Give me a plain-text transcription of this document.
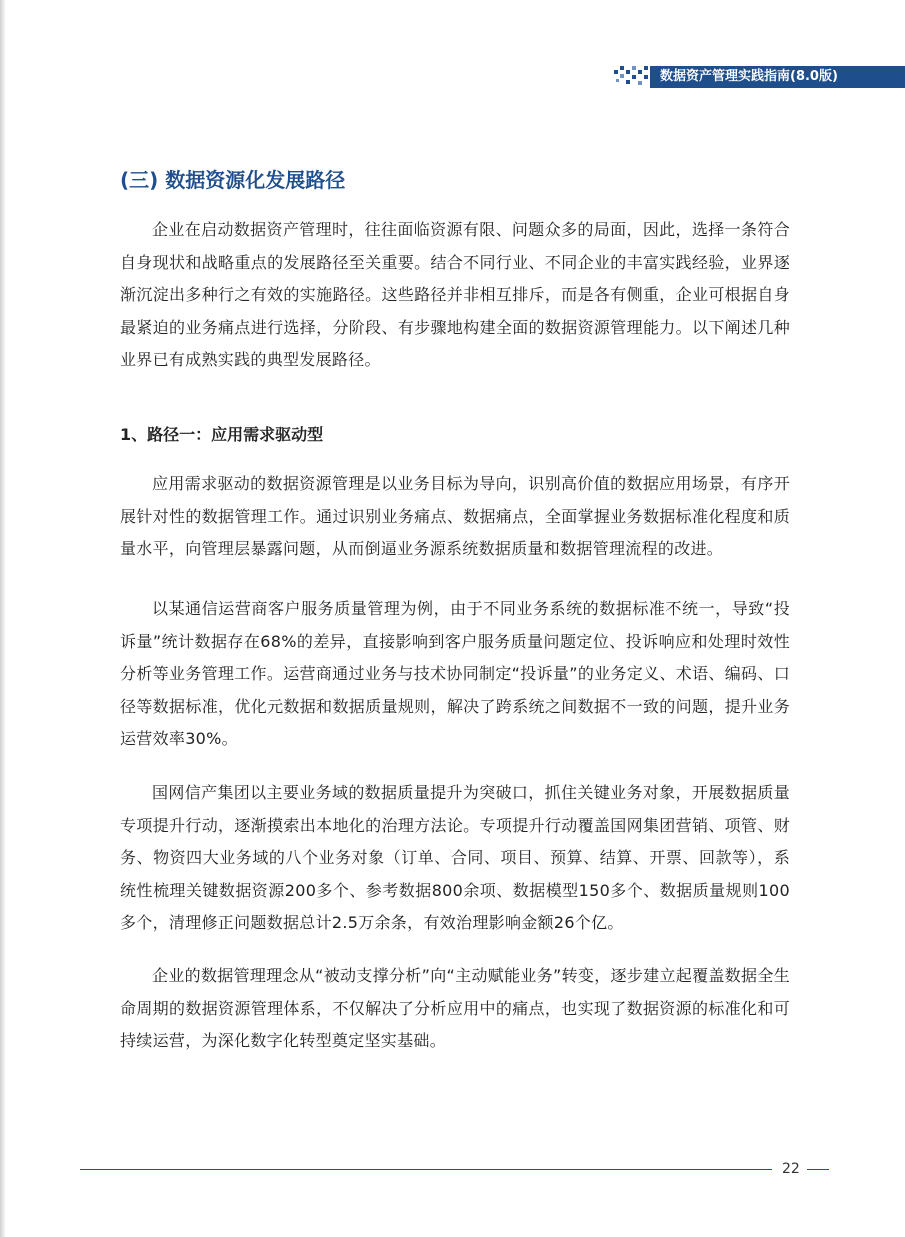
数据资产管理实践指南(8.0版)
(三) 数据资源化发展路径

企业在启动数据资产管理时，往往面临资源有限、问题众多的局面，因此，选择一条符合自身现状和战略重点的发展路径至关重要。结合不同行业、不同企业的丰富实践经验，业界逐渐沉淀出多种行之有效的实施路径。这些路径并非相互排斥，而是各有侧重，企业可根据自身最紧迫的业务痛点进行选择，分阶段、有步骤地构建全面的数据资源管理能力。以下阐述几种业界已有成熟实践的典型发展路径。

1、路径一：应用需求驱动型

应用需求驱动的数据资源管理是以业务目标为导向，识别高价值的数据应用场景，有序开展针对性的数据管理工作。通过识别业务痛点、数据痛点，全面掌握业务数据标准化程度和质量水平，向管理层暴露问题，从而倒逼业务源系统数据质量和数据管理流程的改进。

以某通信运营商客户服务质量管理为例，由于不同业务系统的数据标准不统一，导致“投诉量”统计数据存在68%的差异，直接影响到客户服务质量问题定位、投诉响应和处理时效性分析等业务管理工作。运营商通过业务与技术协同制定“投诉量”的业务定义、术语、编码、口径等数据标准，优化元数据和数据质量规则，解决了跨系统之间数据不一致的问题，提升业务运营效率30%。

国网信产集团以主要业务域的数据质量提升为突破口，抓住关键业务对象，开展数据质量专项提升行动，逐渐摸索出本地化的治理方法论。专项提升行动覆盖国网集团营销、项管、财务、物资四大业务域的八个业务对象（订单、合同、项目、预算、结算、开票、回款等），系统性梳理关键数据资源200多个、参考数据800余项、数据模型150多个、数据质量规则100多个，清理修正问题数据总计2.5万余条，有效治理影响金额26个亿。

企业的数据管理理念从“被动支撑分析”向“主动赋能业务”转变，逐步建立起覆盖数据全生命周期的数据资源管理体系，不仅解决了分析应用中的痛点，也实现了数据资源的标准化和可持续运营，为深化数字化转型奠定坚实基础。

22
